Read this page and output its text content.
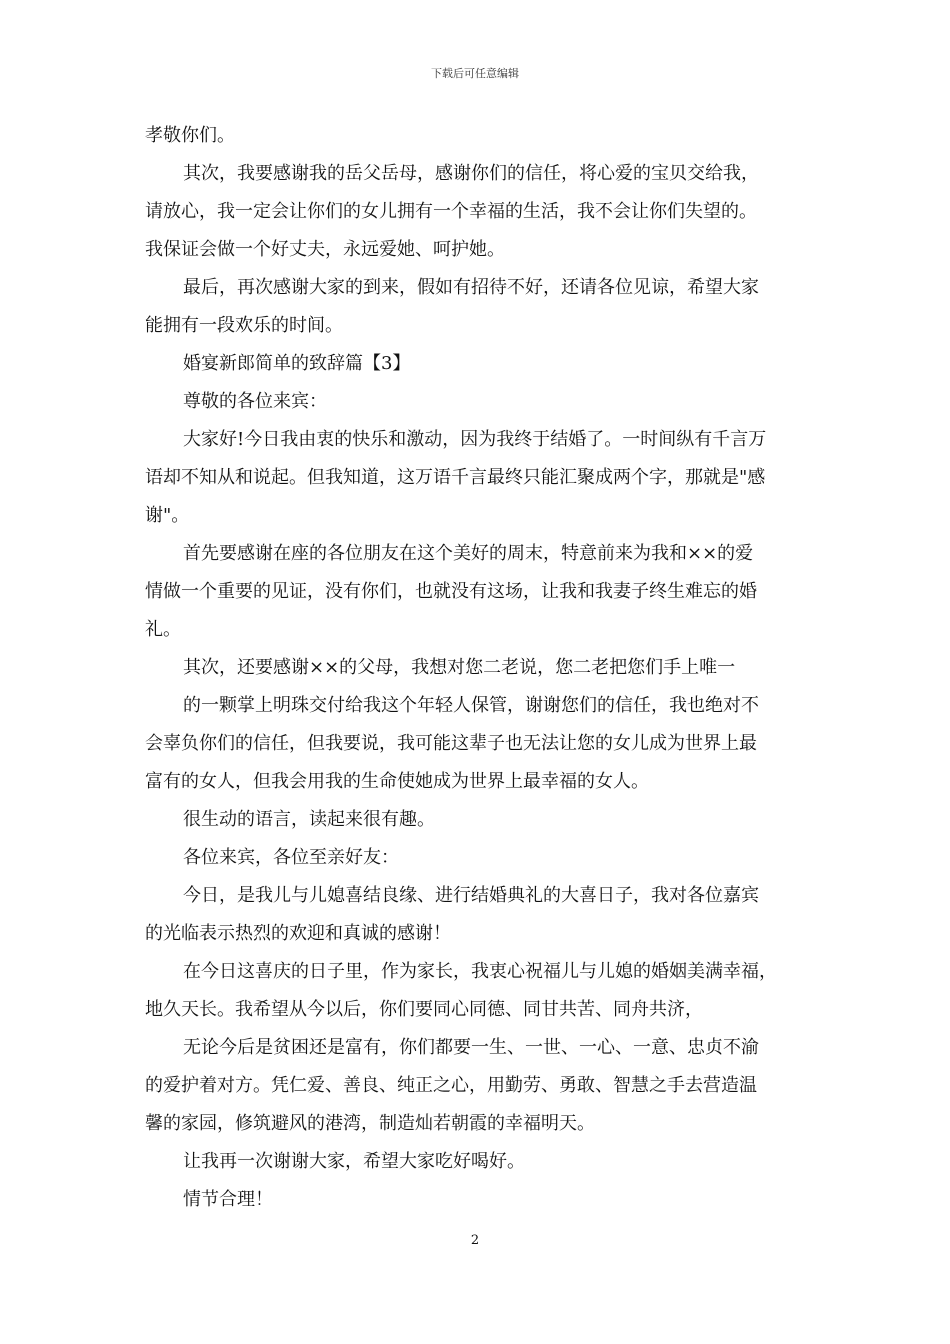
下载后可任意编辑
孝敬你们。
其次，我要感谢我的岳父岳母，感谢你们的信任，将心爱的宝贝交给我，
请放心，我一定会让你们的女儿拥有一个幸福的生活，我不会让你们失望的。
我保证会做一个好丈夫，永远爱她、呵护她。
最后，再次感谢大家的到来，假如有招待不好，还请各位见谅，希望大家
能拥有一段欢乐的时间。
婚宴新郎简单的致辞篇【3】
尊敬的各位来宾：
大家好!今日我由衷的快乐和激动，因为我终于结婚了。一时间纵有千言万
语却不知从和说起。但我知道，这万语千言最终只能汇聚成两个字，那就是"感
谢"。
首先要感谢在座的各位朋友在这个美好的周末，特意前来为我和××的爱
情做一个重要的见证，没有你们，也就没有这场，让我和我妻子终生难忘的婚
礼。
其次，还要感谢××的父母，我想对您二老说，您二老把您们手上唯一
的一颗掌上明珠交付给我这个年轻人保管，谢谢您们的信任，我也绝对不
会辜负你们的信任，但我要说，我可能这辈子也无法让您的女儿成为世界上最
富有的女人，但我会用我的生命使她成为世界上最幸福的女人。
很生动的语言，读起来很有趣。
各位来宾，各位至亲好友：
今日，是我儿与儿媳喜结良缘、进行结婚典礼的大喜日子，我对各位嘉宾
的光临表示热烈的欢迎和真诚的感谢！
在今日这喜庆的日子里，作为家长，我衷心祝福儿与儿媳的婚姻美满幸福，
地久天长。我希望从今以后，你们要同心同德、同甘共苦、同舟共济，
无论今后是贫困还是富有，你们都要一生、一世、一心、一意、忠贞不渝
的爱护着对方。凭仁爱、善良、纯正之心，用勤劳、勇敢、智慧之手去营造温
馨的家园，修筑避风的港湾，制造灿若朝霞的幸福明天。
让我再一次谢谢大家，希望大家吃好喝好。
情节合理！
2
